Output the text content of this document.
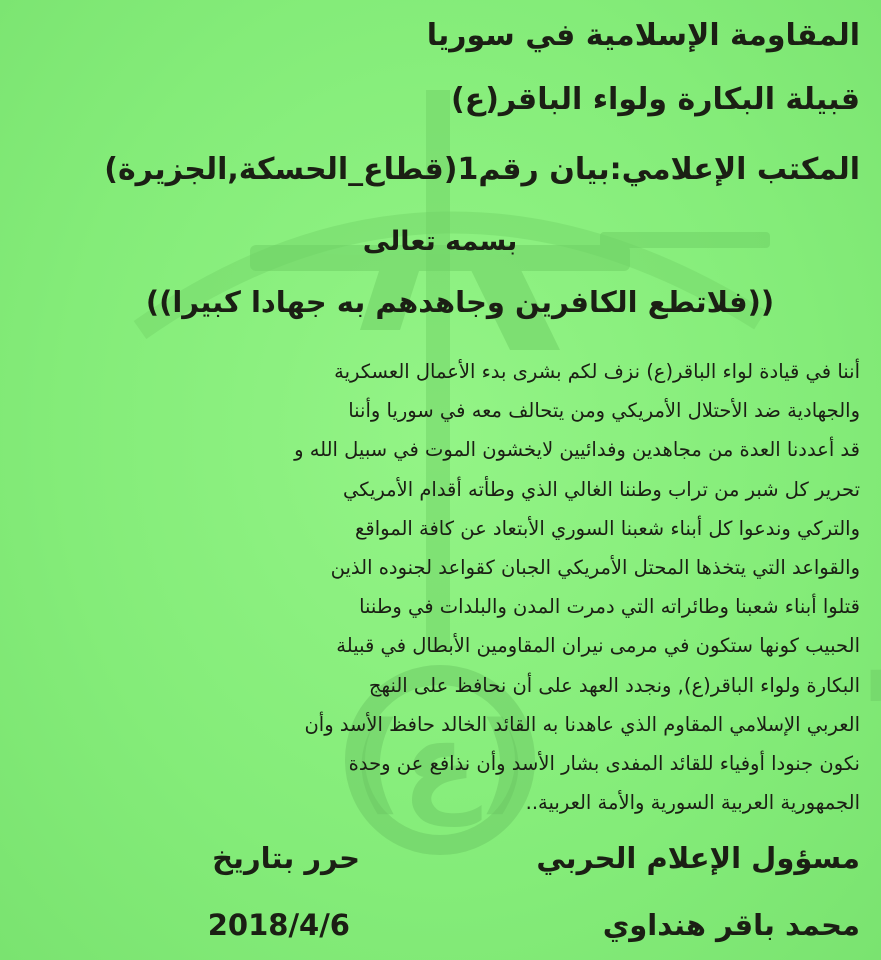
(ع)
المقاومة الإسلامية في سوريا
قبيلة البكارة ولواء الباقر(ع)
المكتب الإعلامي:بيان رقم1(قطاع_الحسكة,الجزيرة)
بسمه تعالى
((فلاتطع الكافرين وجاهدهم به جهادا كبيرا))
أننا في قيادة لواء الباقر(ع) نزف لكم بشرى بدء الأعمال العسكرية
والجهادية ضد الأحتلال الأمريكي ومن يتحالف معه في سوريا وأننا
قد أعددنا العدة من مجاهدين وفدائيين لايخشون الموت في سبيل الله و
تحرير كل شبر من تراب وطننا الغالي الذي وطأته أقدام الأمريكي
والتركي وندعوا كل أبناء شعبنا السوري الأبتعاد عن كافة المواقع
والقواعد التي يتخذها المحتل الأمريكي الجبان كقواعد لجنوده الذين
قتلوا أبناء شعبنا وطائراته التي دمرت المدن والبلدات في وطننا
الحبيب كونها ستكون في مرمى نيران المقاومين الأبطال في قبيلة
البكارة ولواء الباقر(ع), ونجدد العهد على أن نحافظ على النهج
العربي الإسلامي المقاوم الذي عاهدنا به القائد الخالد حافظ الأسد وأن
نكون جنودا أوفياء للقائد المفدى بشار الأسد وأن نذافع عن وحدة
الجمهورية العربية السورية والأمة العربية..
مسؤول الإعلام الحربي
محمد باقر هنداوي
حرر بتاريخ
2018/4/6
